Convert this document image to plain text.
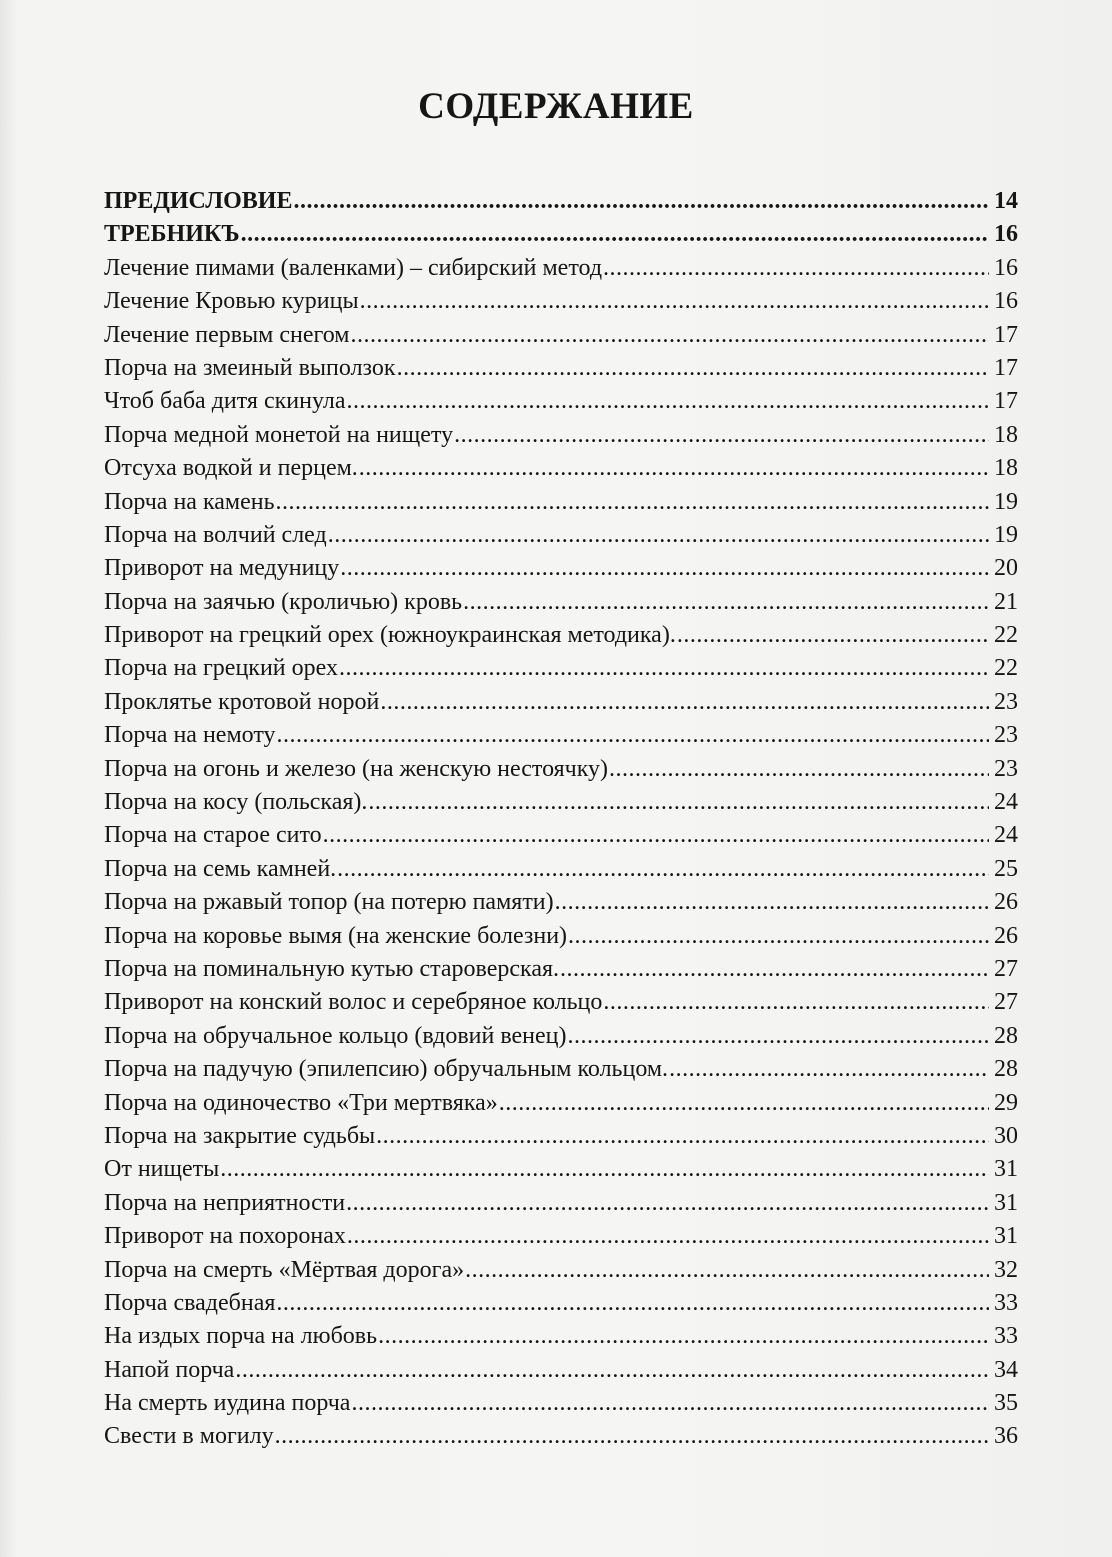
СОДЕРЖАНИЕ
ПРЕДИСЛОВИЕ .....	14
ТРЕБНИКЪ .....	16
Лечение пимами (валенками) – сибирский метод .....	16
Лечение Кровью курицы .....	16
Лечение первым снегом .....	17
Порча на змеиный выползок .....	17
Чтоб баба дитя скинула .....	17
Порча медной монетой на нищету .....	18
Отсуха водкой и перцем. .....	18
Порча на камень .....	19
Порча на волчий след .....	19
Приворот на медуницу .....	20
Порча на заячью (кроличью) кровь .....	21
Приворот на грецкий орех (южноукраинская методика). .....	22
Порча на грецкий орех .....	22
Проклятье кротовой норой .....	23
Порча на немоту .....	23
Порча на огонь и железо (на женскую нестоячку) .....	23
Порча на косу (польская). .....	24
Порча на старое сито .....	24
Порча на семь камней. .....	25
Порча на ржавый топор (на потерю памяти) .....	26
Порча на коровье вымя (на женские болезни) .....	26
Порча на поминальную кутью староверская. .....	27
Приворот на конский волос и серебряное кольцо .....	27
Порча на обручальное кольцо (вдовий венец) .....	28
Порча на падучую (эпилепсию) обручальным кольцом. .....	28
Порча на одиночество «Три мертвяка» .....	29
Порча на закрытие судьбы .....	30
От нищеты .....	31
Порча на неприятности .....	31
Приворот на похоронах .....	31
Порча на смерть «Мёртвая дорога» .....	32
Порча свадебная .....	33
На издых порча на любовь .....	33
Напой порча .....	34
На смерть иудина порча .....	35
Свести в могилу .....	36
